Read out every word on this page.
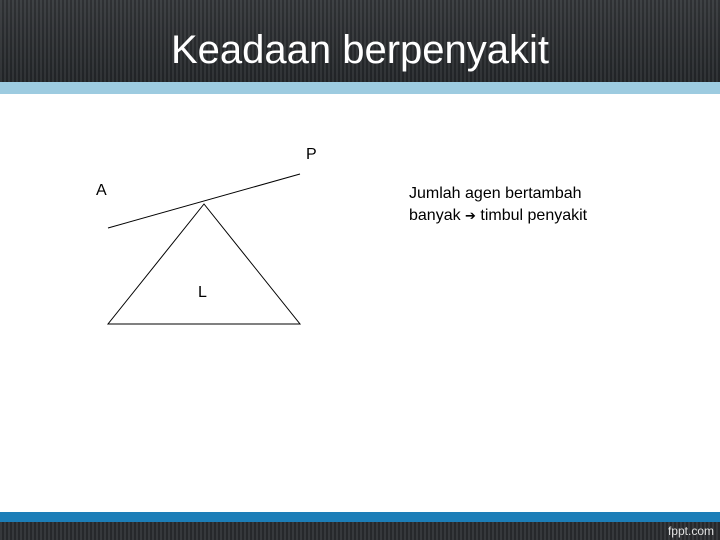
Keadaan berpenyakit
P
A
L
Jumlah agen bertambah
banyak ➔ timbul penyakit
fppt.com
